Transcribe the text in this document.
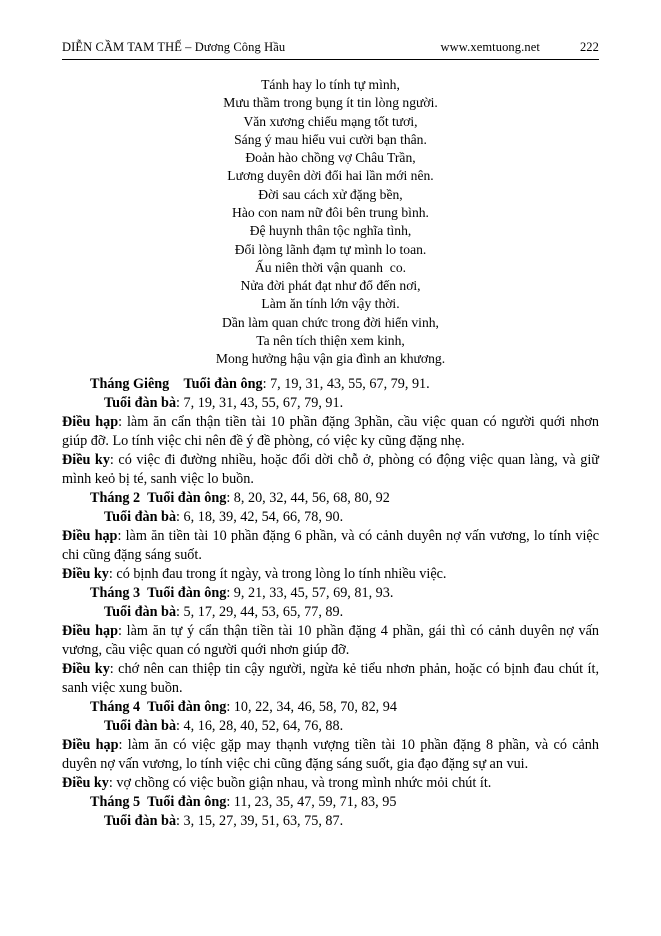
DIỄN CẦM TAM THẾ – Dương Công Hầu	www.xemtuong.net	222
Tánh hay lo tính tự mình,
Mưu thầm trong bụng ít tin lòng người.
Văn xương chiếu mạng tốt tươi,
Sáng ý mau hiểu vui cười bạn thân.
Đoản hào chồng vợ Châu Trần,
Lương duyên dời đổi hai lần mới nên.
Đời sau cách xử đặng bền,
Hào con nam nữ đôi bên trung bình.
Đệ huynh thân tộc nghĩa tình,
Đổi lòng lãnh đạm tự mình lo toan.
Ấu niên thời vận quanh  co.
Nửa đời phát đạt như đổ đến nơi,
Làm ăn tính lớn vậy thời.
Dần làm quan chức trong đời hiển vinh,
Ta nên tích thiện xem kinh,
Mong hưởng hậu vận gia đình an khương.

Tháng Giêng Tuổi đàn ông: 7, 19, 31, 43, 55, 67, 79, 91.

Tuổi đàn bà: 7, 19, 31, 43, 55, 67, 79, 91.

Điều hạp: làm ăn cẩn thận tiền tài 10 phần đặng 3phần, cầu việc quan có người quới nhơn giúp đỡ. Lo tính việc chi nên đề ý đề phòng, có việc ky cũng đặng nhẹ.

Điều ky: có việc đi đường nhiều, hoặc đổi dời chỗ ở, phòng có động việc quan làng, và giữ mình keỏ bị té, sanh việc lo buồn.

Tháng 2 Tuổi đàn ông: 8, 20, 32, 44, 56, 68, 80, 92

Tuổi đàn bà: 6, 18, 39, 42, 54, 66, 78, 90.

Điều hạp: làm ăn tiền tài 10 phần đặng 6 phần, và có cảnh duyên nợ vấn vương, lo tính việc chi cũng đặng sáng suốt.

Điều ky: có bịnh đau trong ít ngày, và trong lòng lo tính nhiều việc.

Tháng 3 Tuổi đàn ông: 9, 21, 33, 45, 57, 69, 81, 93.

Tuổi đàn bà: 5, 17, 29, 44, 53, 65, 77, 89.

Điều hạp: làm ăn tự ý cẩn thận tiền tài 10 phần đặng 4 phần, gái thì có cảnh duyên nợ vấn vương, cầu việc quan có người quới nhơn giúp đỡ.

Điều ky: chớ nên can thiệp tin cậy người, ngừa kẻ tiểu nhơn phản, hoặc có bịnh đau chút ít, sanh việc xung buồn.

Tháng 4 Tuổi đàn ông: 10, 22, 34, 46, 58, 70, 82, 94

Tuổi đàn bà: 4, 16, 28, 40, 52, 64, 76, 88.

Điều hạp: làm ăn có việc gặp may thạnh vượng tiền tài 10 phần đặng 8 phần, và có cảnh duyên nợ vấn vương, lo tính việc chi cũng đặng sáng suốt, gia đạo đặng sự an vui.

Điều ky: vợ chồng có việc buồn giận nhau, và trong mình nhức mỏi chút ít.

Tháng 5 Tuổi đàn ông: 11, 23, 35, 47, 59, 71, 83, 95

Tuổi đàn bà: 3, 15, 27, 39, 51, 63, 75, 87.
